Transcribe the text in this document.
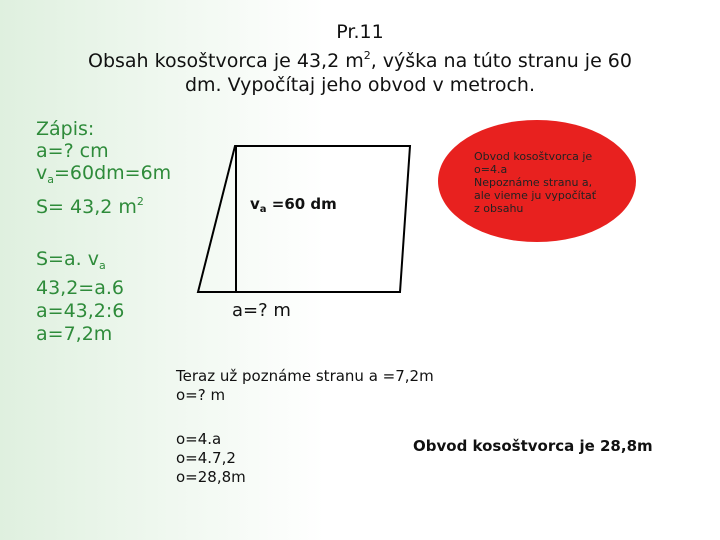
Pr.11
Obsah kosoštvorca je 43,2 $m^2$, výška na túto stranu je 60
dm. Vypočítaj jeho obvod v metroch.
Zápis:
a=? cm
$v_a=60dm=6m$
S= 43,2 $m^2$
S=a. $v_a$
43,2=a.6
a=43,2:6
a=7,2m
$v_a =60$ dm
a=? m
Obvod kosoštvorca je
o=4.a
Nepoznáme stranu a,
ale vieme ju vypočítať
z obsahu
Teraz už poznáme stranu a =7,2m
o=? m
o=4.a
o=4.7,2
o=28,8m
Obvod kosoštvorca je 28,8m
